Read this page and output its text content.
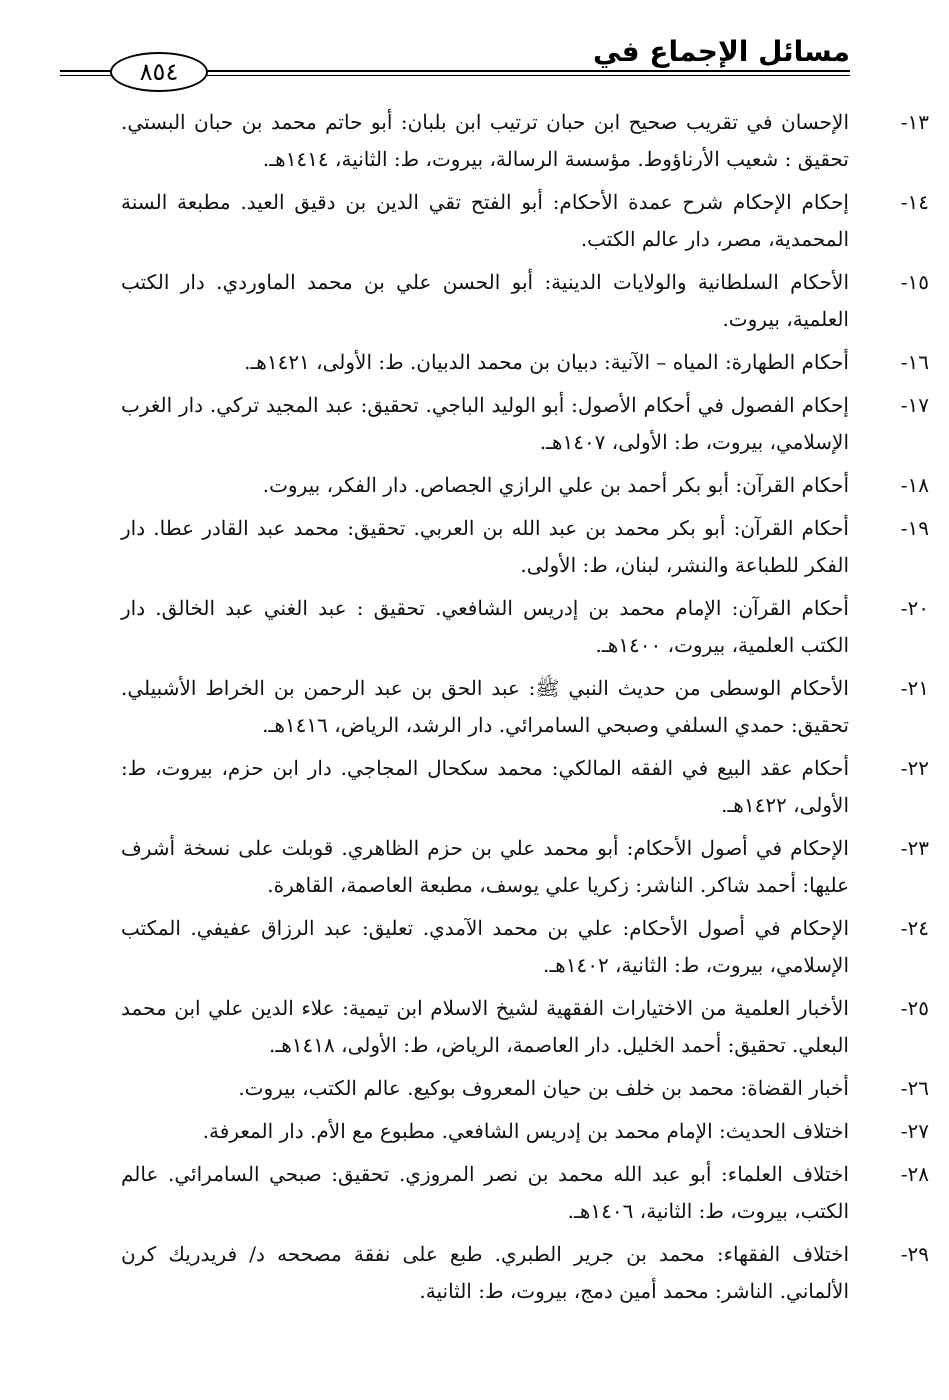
مسائل الإجماع في
٨٥٤
١٣-
الإحسان في تقريب صحيح ابن حبان ترتيب ابن بلبان: أبو حاتم محمد بن حبان البستي. تحقيق : شعيب الأرناؤوط. مؤسسة الرسالة، بيروت، ط: الثانية، ١٤١٤هـ.
١٤-
إحكام الإحكام شرح عمدة الأحكام: أبو الفتح تقي الدين بن دقيق العيد. مطبعة السنة المحمدية، مصر، دار عالم الكتب.
١٥-
الأحكام السلطانية والولايات الدينية: أبو الحسن علي بن محمد الماوردي. دار الكتب العلمية، بيروت.
١٦-
أحكام الطهارة: المياه – الآنية: دبيان بن محمد الدبيان. ط: الأولى، ١٤٢١هـ.
١٧-
إحكام الفصول في أحكام الأصول: أبو الوليد الباجي. تحقيق: عبد المجيد تركي. دار الغرب الإسلامي، بيروت، ط: الأولى، ١٤٠٧هـ.
١٨-
أحكام القرآن: أبو بكر أحمد بن علي الرازي الجصاص. دار الفكر، بيروت.
١٩-
أحكام القرآن: أبو بكر محمد بن عبد الله بن العربي. تحقيق: محمد عبد القادر عطا. دار الفكر للطباعة والنشر، لبنان، ط: الأولى.
٢٠-
أحكام القرآن: الإمام محمد بن إدريس الشافعي. تحقيق : عبد الغني عبد الخالق. دار الكتب العلمية، بيروت، ١٤٠٠هـ.
٢١-
الأحكام الوسطى من حديث النبي ﷺ: عبد الحق بن عبد الرحمن بن الخراط الأشبيلي. تحقيق: حمدي السلفي وصبحي السامرائي. دار الرشد، الرياض، ١٤١٦هـ.
٢٢-
أحكام عقد البيع في الفقه المالكي: محمد سكحال المجاجي. دار ابن حزم، بيروت، ط: الأولى، ١٤٢٢هـ.
٢٣-
الإحكام في أصول الأحكام: أبو محمد علي بن حزم الظاهري. قوبلت على نسخة أشرف عليها: أحمد شاكر. الناشر: زكريا علي يوسف، مطبعة العاصمة، القاهرة.
٢٤-
الإحكام في أصول الأحكام: علي بن محمد الآمدي. تعليق: عبد الرزاق عفيفي. المكتب الإسلامي، بيروت، ط: الثانية، ١٤٠٢هـ.
٢٥-
الأخبار العلمية من الاختيارات الفقهية لشيخ الاسلام ابن تيمية: علاء الدين علي ابن محمد البعلي. تحقيق: أحمد الخليل. دار العاصمة، الرياض، ط: الأولى، ١٤١٨هـ.
٢٦-
أخبار القضاة: محمد بن خلف بن حيان المعروف بوكيع. عالم الكتب، بيروت.
٢٧-
اختلاف الحديث: الإمام محمد بن إدريس الشافعي. مطبوع مع الأم. دار المعرفة.
٢٨-
اختلاف العلماء: أبو عبد الله محمد بن نصر المروزي. تحقيق: صبحي السامرائي. عالم الكتب، بيروت، ط: الثانية، ١٤٠٦هـ.
٢٩-
اختلاف الفقهاء: محمد بن جرير الطبري. طبع على نفقة مصححه د/ فريدريك كرن الألماني. الناشر: محمد أمين دمج، بيروت، ط: الثانية.
